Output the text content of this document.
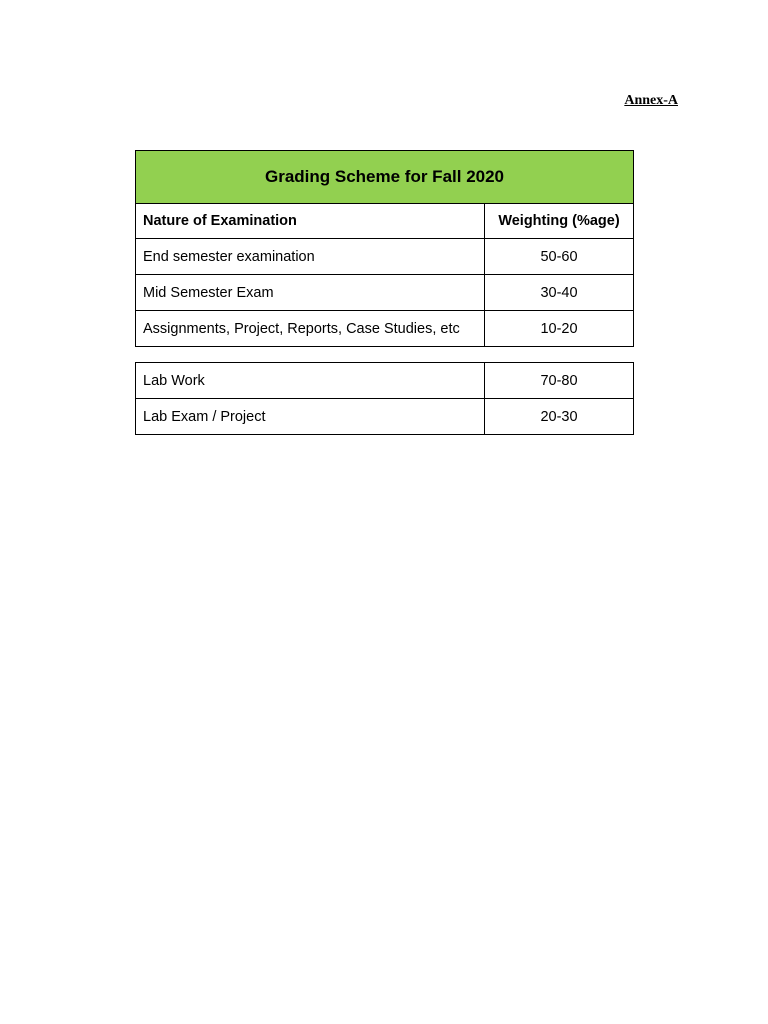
Annex-A
Grading Scheme for Fall 2020	
Nature of Examination	Weighting (%age)
End semester examination	50-60
Mid Semester Exam	30-40
Assignments, Project, Reports, Case Studies, etc	10-20
Lab Work	70-80
Lab Exam / Project	20-30
